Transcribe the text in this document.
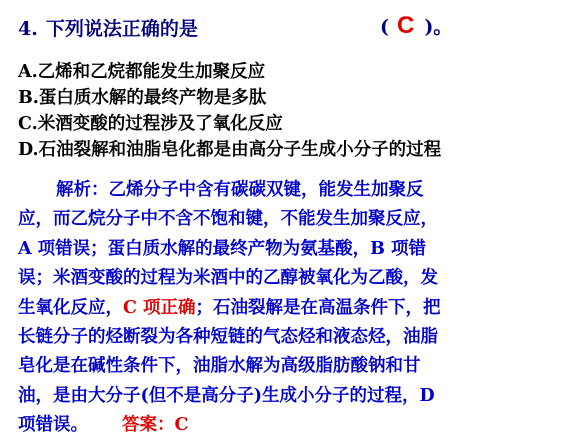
4. 下列说法正确的是	( C )。
A.乙烯和乙烷都能发生加聚反应
B.蛋白质水解的最终产物是多肽
C.米酒变酸的过程涉及了氧化反应
D.石油裂解和油脂皂化都是由高分子生成小分子的过程
解析：乙烯分子中含有碳碳双键，能发生加聚反
应，而乙烷分子中不含不饱和键，不能发生加聚反应，
A 项错误；蛋白质水解的最终产物为氨基酸，B 项错
误；米酒变酸的过程为米酒中的乙醇被氧化为乙酸，发
生氧化反应，C 项正确；石油裂解是在高温条件下，把
长链分子的烃断裂为各种短链的气态烃和液态烃，油脂
皂化是在碱性条件下，油脂水解为高级脂肪酸钠和甘
油，是由大分子(但不是高分子)生成小分子的过程，D
项错误。 答案：C
